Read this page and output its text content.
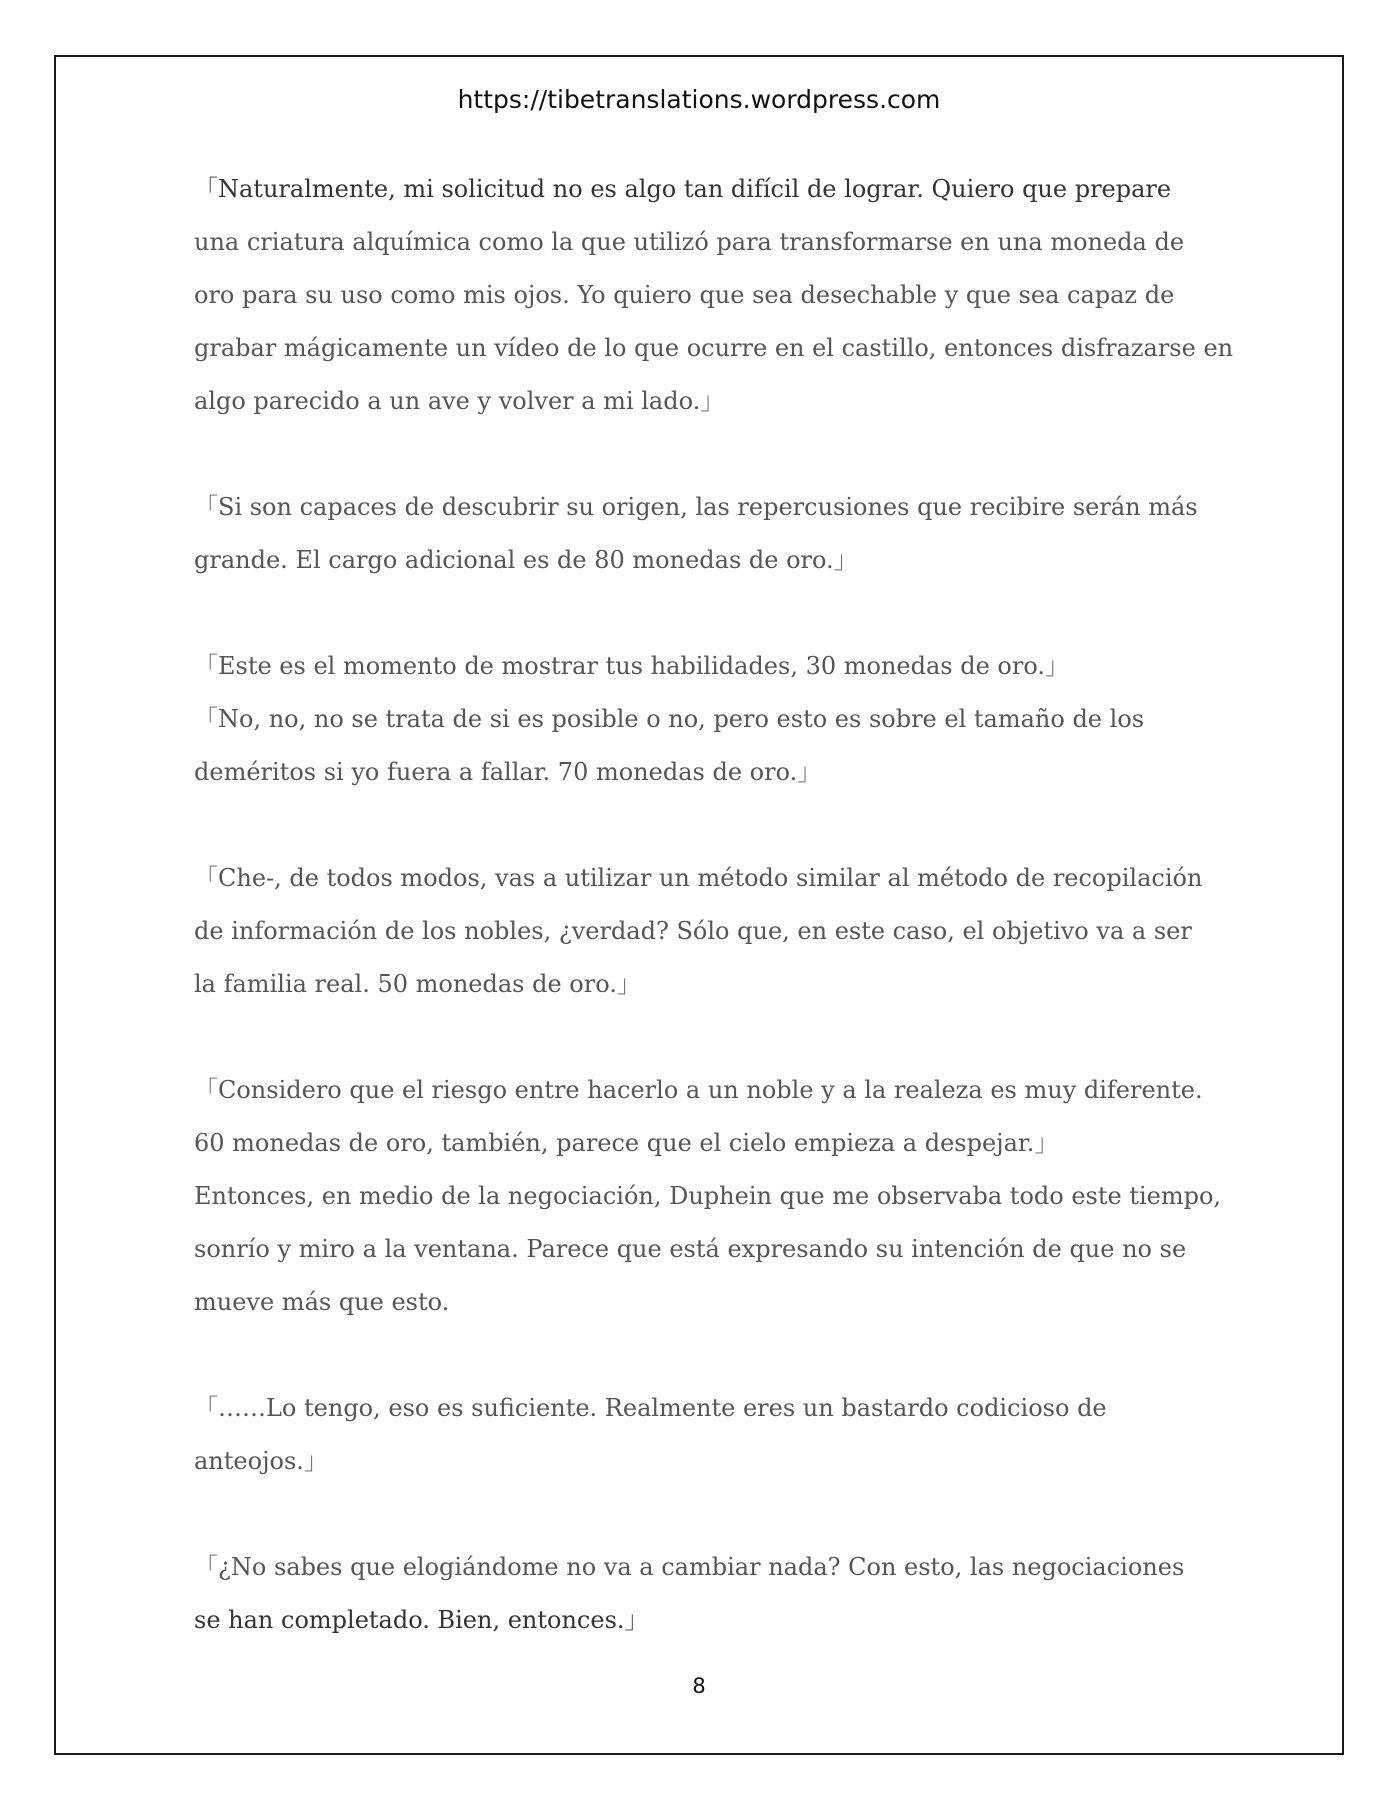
https://tibetranslations.wordpress.com
「Naturalmente, mi solicitud no es algo tan difícil de lograr. Quiero que prepare
una criatura alquímica como la que utilizó para transformarse en una moneda de
oro para su uso como mis ojos. Yo quiero que sea desechable y que sea capaz de
grabar mágicamente un vídeo de lo que ocurre en el castillo, entonces disfrazarse en
algo parecido a un ave y volver a mi lado.」
「Si son capaces de descubrir su origen, las repercusiones que recibire serán más
grande. El cargo adicional es de 80 monedas de oro.」
「Este es el momento de mostrar tus habilidades, 30 monedas de oro.」
「No, no, no se trata de si es posible o no, pero esto es sobre el tamaño de los
deméritos si yo fuera a fallar. 70 monedas de oro.」
「Che-, de todos modos, vas a utilizar un método similar al método de recopilación
de información de los nobles, ¿verdad? Sólo que, en este caso, el objetivo va a ser
la familia real. 50 monedas de oro.」
「Considero que el riesgo entre hacerlo a un noble y a la realeza es muy diferente.
60 monedas de oro, también, parece que el cielo empieza a despejar.」
Entonces, en medio de la negociación, Duphein que me observaba todo este tiempo,
sonrío y miro a la ventana. Parece que está expresando su intención de que no se
mueve más que esto.
「……Lo tengo, eso es suficiente. Realmente eres un bastardo codicioso de
anteojos.」
「¿No sabes que elogiándome no va a cambiar nada? Con esto, las negociaciones
se han completado. Bien, entonces.」
8
